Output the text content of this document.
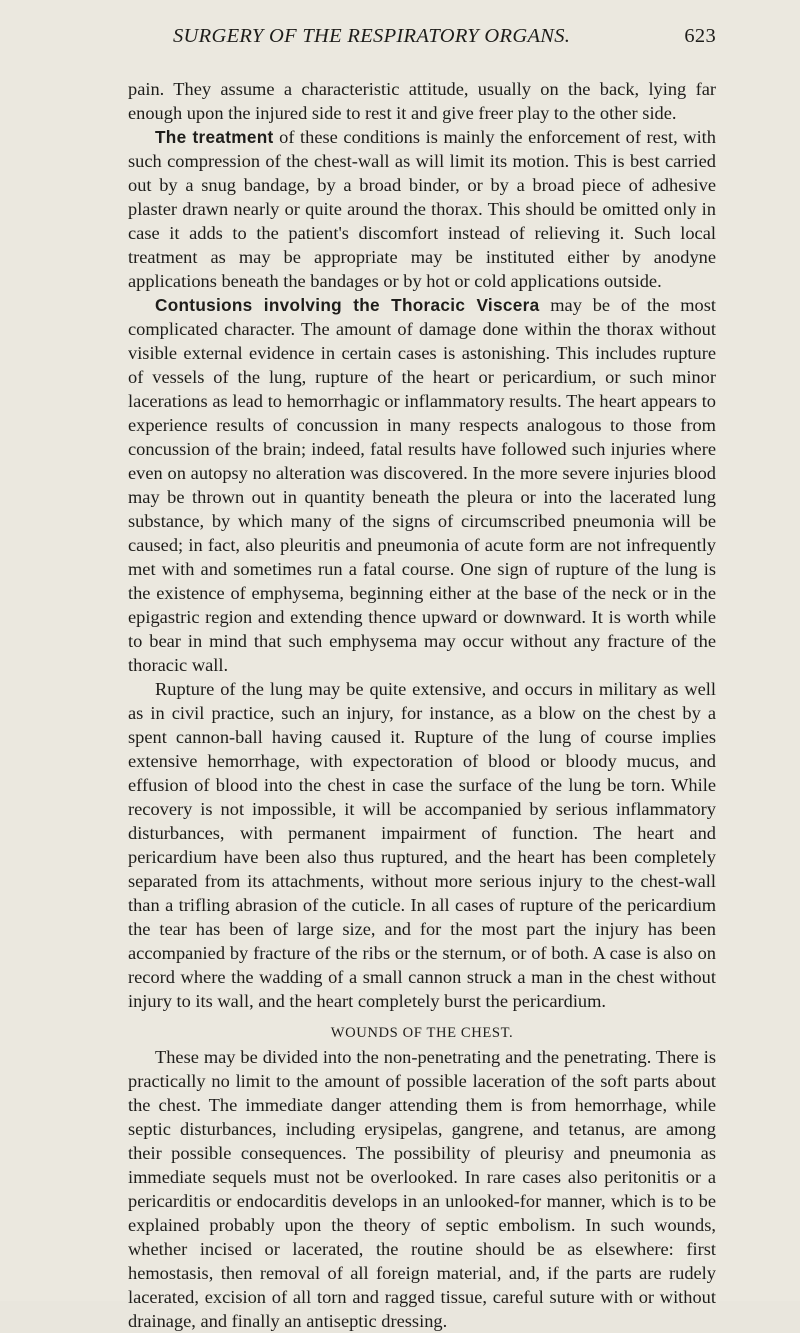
SURGERY OF THE RESPIRATORY ORGANS.	623

pain. They assume a characteristic attitude, usually on the back, lying far enough upon the injured side to rest it and give freer play to the other side.

The treatment of these conditions is mainly the enforcement of rest, with such compression of the chest-wall as will limit its motion. This is best carried out by a snug bandage, by a broad binder, or by a broad piece of adhesive plaster drawn nearly or quite around the thorax. This should be omitted only in case it adds to the patient's discomfort instead of relieving it. Such local treatment as may be appropriate may be instituted either by anodyne applications beneath the bandages or by hot or cold applications outside.

Contusions involving the Thoracic Viscera may be of the most complicated character. The amount of damage done within the thorax without visible external evidence in certain cases is astonishing. This includes rupture of vessels of the lung, rupture of the heart or pericardium, or such minor lacerations as lead to hemorrhagic or inflammatory results. The heart appears to experience results of concussion in many respects analogous to those from concussion of the brain; indeed, fatal results have followed such injuries where even on autopsy no alteration was discovered. In the more severe injuries blood may be thrown out in quantity beneath the pleura or into the lacerated lung substance, by which many of the signs of circumscribed pneumonia will be caused; in fact, also pleuritis and pneumonia of acute form are not infrequently met with and sometimes run a fatal course. One sign of rupture of the lung is the existence of emphysema, beginning either at the base of the neck or in the epigastric region and extending thence upward or downward. It is worth while to bear in mind that such emphysema may occur without any fracture of the thoracic wall.

Rupture of the lung may be quite extensive, and occurs in military as well as in civil practice, such an injury, for instance, as a blow on the chest by a spent cannon-ball having caused it. Rupture of the lung of course implies extensive hemorrhage, with expectoration of blood or bloody mucus, and effusion of blood into the chest in case the surface of the lung be torn. While recovery is not impossible, it will be accompanied by serious inflammatory disturbances, with permanent impairment of function. The heart and pericardium have been also thus ruptured, and the heart has been completely separated from its attachments, without more serious injury to the chest-wall than a trifling abrasion of the cuticle. In all cases of rupture of the pericardium the tear has been of large size, and for the most part the injury has been accompanied by fracture of the ribs or the sternum, or of both. A case is also on record where the wadding of a small cannon struck a man in the chest without injury to its wall, and the heart completely burst the pericardium.

WOUNDS OF THE CHEST.

These may be divided into the non-penetrating and the penetrating. There is practically no limit to the amount of possible laceration of the soft parts about the chest. The immediate danger attending them is from hemorrhage, while septic disturbances, including erysipelas, gangrene, and tetanus, are among their possible consequences. The possibility of pleurisy and pneumonia as immediate sequels must not be overlooked. In rare cases also peritonitis or a pericarditis or endocarditis develops in an unlooked-for manner, which is to be explained probably upon the theory of septic embolism. In such wounds, whether incised or lacerated, the routine should be as elsewhere: first hemostasis, then removal of all foreign material, and, if the parts are rudely lacerated, excision of all torn and ragged tissue, careful suture with or without drainage, and finally an antiseptic dressing.
